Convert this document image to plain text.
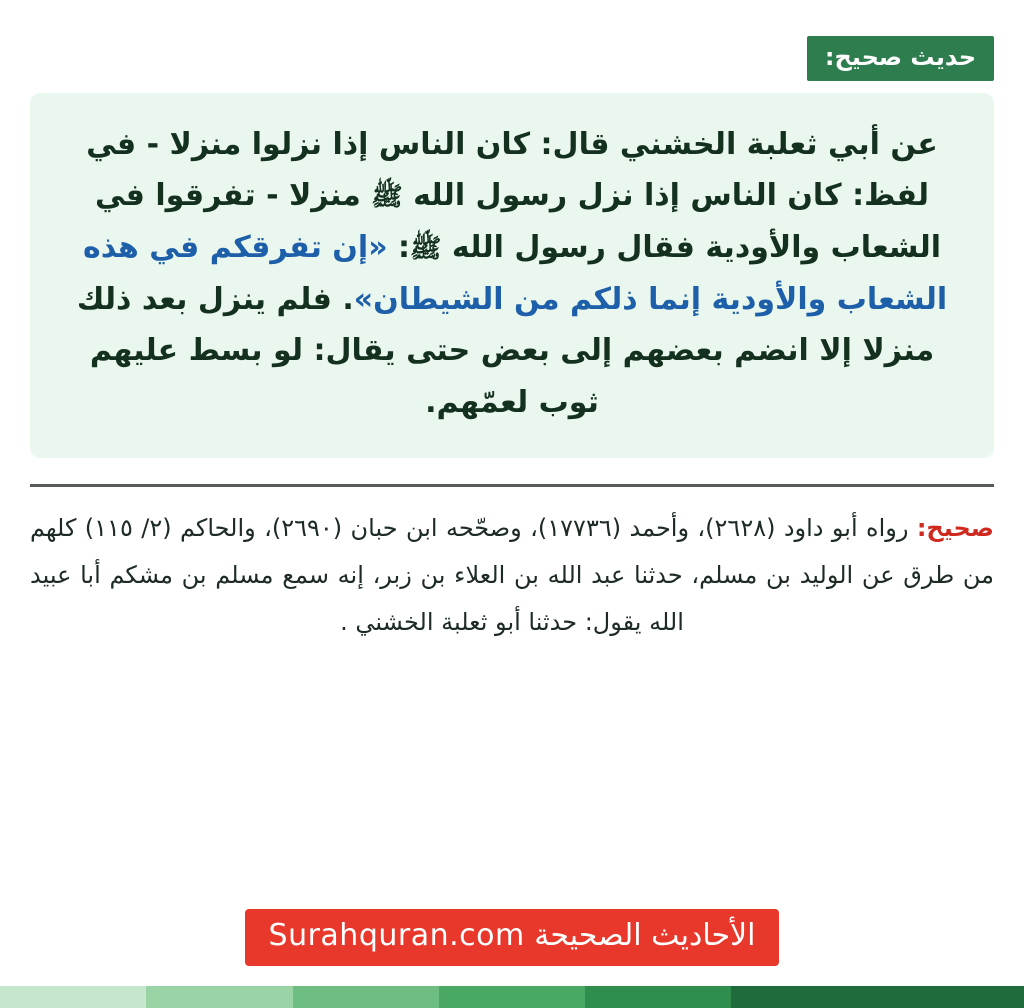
حديث صحيح:
عن أبي ثعلبة الخشني قال: كان الناس إذا نزلوا منزلا - في لفظ: كان الناس إذا نزل رسول الله ﷺ منزلا - تفرقوا في الشعاب والأودية فقال رسول الله ﷺ: «إن تفرقكم في هذه الشعاب والأودية إنما ذلكم من الشيطان». فلم ينزل بعد ذلك منزلا إلا انضم بعضهم إلى بعض حتى يقال: لو بسط عليهم ثوب لعمّهم.
صحيح: رواه أبو داود (٢٦٢٨)، وأحمد (١٧٧٣٦)، وصحّحه ابن حبان (٢٦٩٠)، والحاكم (٢/ ١١٥) كلهم من طرق عن الوليد بن مسلم، حدثنا عبد الله بن العلاء بن زبر، إنه سمع مسلم بن مشكم أبا عبيد الله يقول: حدثنا أبو ثعلبة الخشني .
الأحاديث الصحيحة Surahquran.com
